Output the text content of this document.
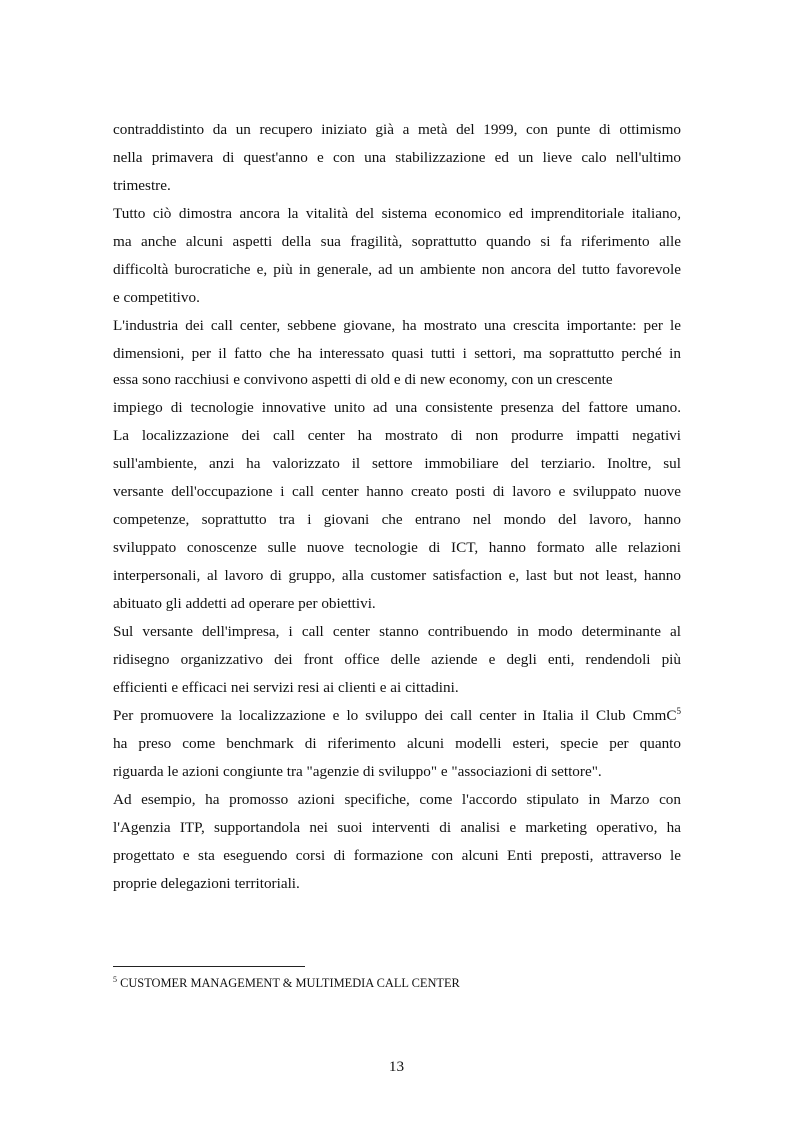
contraddistinto da un recupero iniziato già a metà del 1999, con punte di ottimismo
nella primavera di quest'anno e con una stabilizzazione ed un lieve calo nell'ultimo
trimestre.
Tutto ciò dimostra ancora la vitalità del sistema economico ed imprenditoriale italiano,
ma anche alcuni aspetti della sua fragilità, soprattutto quando si fa riferimento alle
difficoltà burocratiche e, più in generale, ad un ambiente non ancora del tutto favorevole
e competitivo.
L'industria dei call center, sebbene giovane, ha mostrato una crescita importante: per le
dimensioni, per il fatto che ha interessato quasi tutti i settori, ma soprattutto perché in
essa sono racchiusi e convivono aspetti di old e di new economy, con un crescente
impiego di tecnologie innovative unito ad una consistente presenza del fattore umano.
La localizzazione dei call center ha mostrato di non produrre impatti negativi
sull'ambiente, anzi ha valorizzato il settore immobiliare del terziario. Inoltre, sul
versante dell'occupazione i call center hanno creato posti di lavoro e sviluppato nuove
competenze, soprattutto tra i giovani che entrano nel mondo del lavoro, hanno
sviluppato conoscenze sulle nuove tecnologie di ICT, hanno formato alle relazioni
interpersonali, al lavoro di gruppo, alla customer satisfaction e, last but not least, hanno
abituato gli addetti ad operare per obiettivi.
Sul versante dell'impresa, i call center stanno contribuendo in modo determinante al
ridisegno organizzativo dei front office delle aziende e degli enti, rendendoli più
efficienti e efficaci nei servizi resi ai clienti e ai cittadini.
Per promuovere la localizzazione e lo sviluppo dei call center in Italia il Club CmmC$^5$
ha preso come benchmark di riferimento alcuni modelli esteri, specie per quanto
riguarda le azioni congiunte tra "agenzie di sviluppo" e "associazioni di settore".
Ad esempio, ha promosso azioni specifiche, come l'accordo stipulato in Marzo con
l'Agenzia ITP, supportandola nei suoi interventi di analisi e marketing operativo, ha
progettato e sta eseguendo corsi di formazione con alcuni Enti preposti, attraverso le
proprie delegazioni territoriali.
$^5$ CUSTOMER MANAGEMENT & MULTIMEDIA CALL CENTER
13
